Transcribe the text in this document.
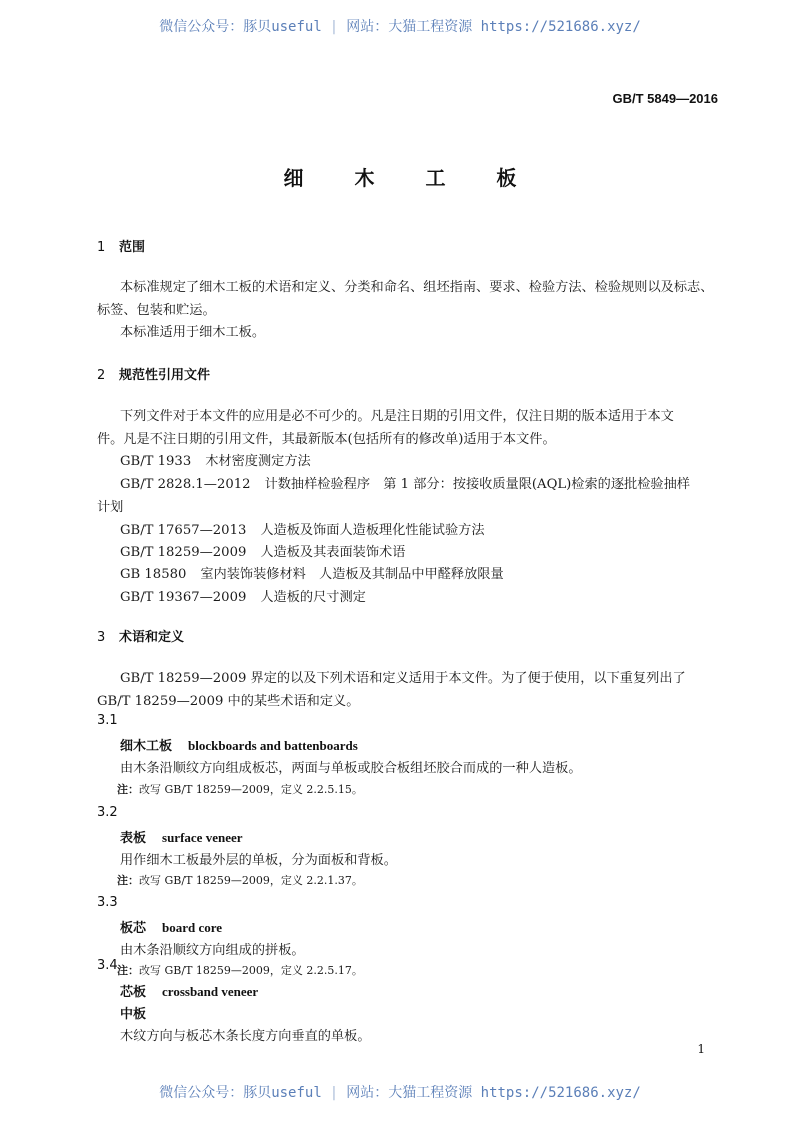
微信公众号：豚贝useful | 网站：大猫工程资源 https://521686.xyz/
GB/T 5849—2016
细 木 工 板
1 范围
本标准规定了细木工板的术语和定义、分类和命名、组坯指南、要求、检验方法、检验规则以及标志、
标签、包装和贮运。
本标准适用于细木工板。
2 规范性引用文件
下列文件对于本文件的应用是必不可少的。凡是注日期的引用文件，仅注日期的版本适用于本文
件。凡是不注日期的引用文件，其最新版本(包括所有的修改单)适用于本文件。
GB/T 1933 木材密度测定方法
GB/T 2828.1—2012 计数抽样检验程序　第 1 部分：按接收质量限(AQL)检索的逐批检验抽样
计划
GB/T 17657—2013 人造板及饰面人造板理化性能试验方法
GB/T 18259—2009 人造板及其表面装饰术语
GB 18580 室内装饰装修材料　人造板及其制品中甲醛释放限量
GB/T 19367—2009 人造板的尺寸测定
3 术语和定义
GB/T 18259—2009 界定的以及下列术语和定义适用于本文件。为了便于使用，以下重复列出了
GB/T 18259—2009 中的某些术语和定义。
3.1
细木工板 blockboards and battenboards
由木条沿顺纹方向组成板芯，两面与单板或胶合板组坯胶合而成的一种人造板。
注：改写 GB/T 18259—2009，定义 2.2.5.15。
3.2
表板 surface veneer
用作细木工板最外层的单板，分为面板和背板。
注：改写 GB/T 18259—2009，定义 2.2.1.37。
3.3
板芯 board core
由木条沿顺纹方向组成的拼板。
注：改写 GB/T 18259—2009，定义 2.2.5.17。
3.4
芯板 crossband veneer
中板
木纹方向与板芯木条长度方向垂直的单板。
1
微信公众号：豚贝useful | 网站：大猫工程资源 https://521686.xyz/
